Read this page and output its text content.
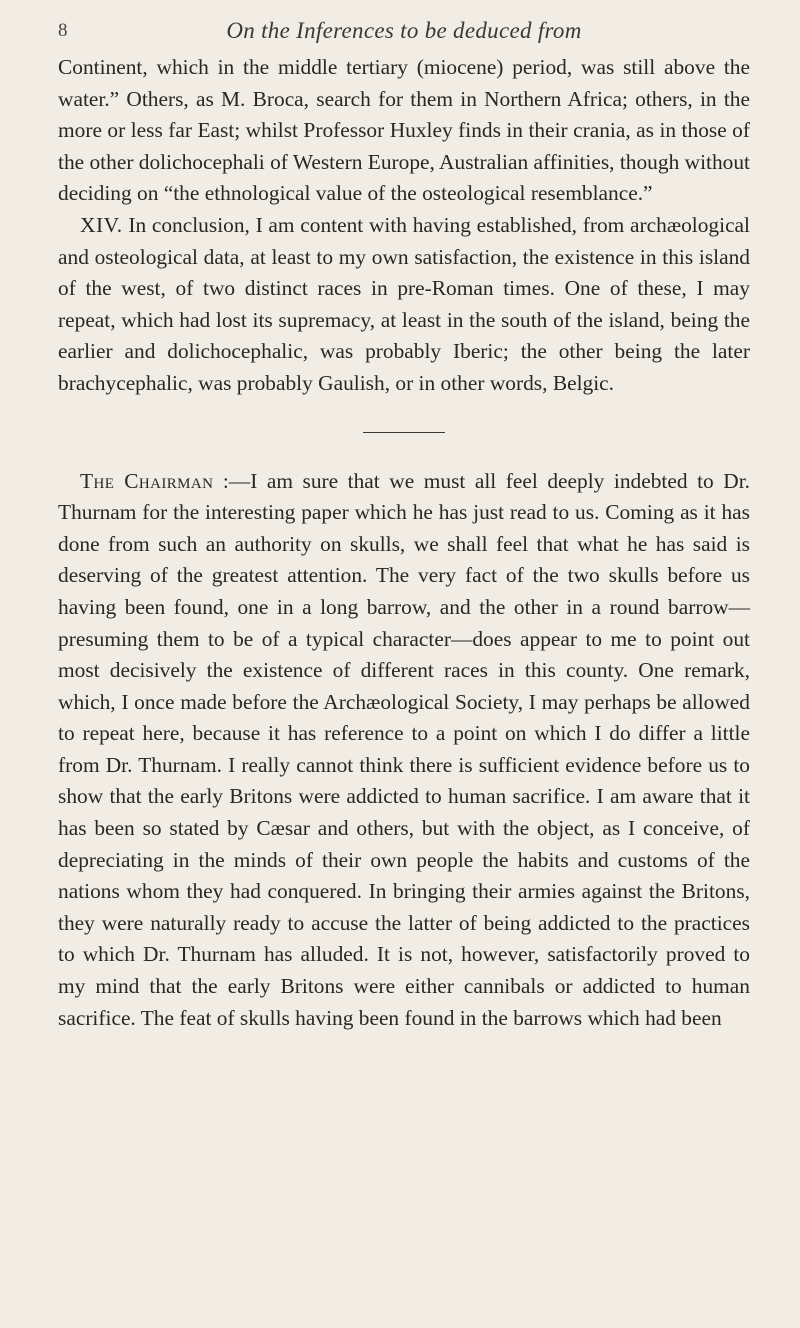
8	On the Inferences to be deduced from

Continent, which in the middle tertiary (miocene) period, was still above the water.” Others, as M. Broca, search for them in Northern Africa; others, in the more or less far East; whilst Professor Huxley finds in their crania, as in those of the other dolichocephali of Western Europe, Australian affinities, though without deciding on “the ethnological value of the osteological resemblance.”

XIV. In conclusion, I am content with having established, from archæological and osteological data, at least to my own satisfaction, the existence in this island of the west, of two distinct races in pre-Roman times. One of these, I may repeat, which had lost its supremacy, at least in the south of the island, being the earlier and dolichocephalic, was probably Iberic; the other being the later brachycephalic, was probably Gaulish, or in other words, Belgic.

The Chairman :—I am sure that we must all feel deeply indebted to Dr. Thurnam for the interesting paper which he has just read to us. Coming as it has done from such an authority on skulls, we shall feel that what he has said is deserving of the greatest attention. The very fact of the two skulls before us having been found, one in a long barrow, and the other in a round barrow—presuming them to be of a typical character—does appear to me to point out most decisively the existence of different races in this county. One remark, which, I once made before the Archæological Society, I may perhaps be allowed to repeat here, because it has reference to a point on which I do differ a little from Dr. Thurnam. I really cannot think there is sufficient evidence before us to show that the early Britons were addicted to human sacrifice. I am aware that it has been so stated by Cæsar and others, but with the object, as I conceive, of depreciating in the minds of their own people the habits and customs of the nations whom they had conquered. In bringing their armies against the Britons, they were naturally ready to accuse the latter of being addicted to the practices to which Dr. Thurnam has alluded. It is not, however, satisfactorily proved to my mind that the early Britons were either cannibals or addicted to human sacrifice. The feat of skulls having been found in the barrows which had been
